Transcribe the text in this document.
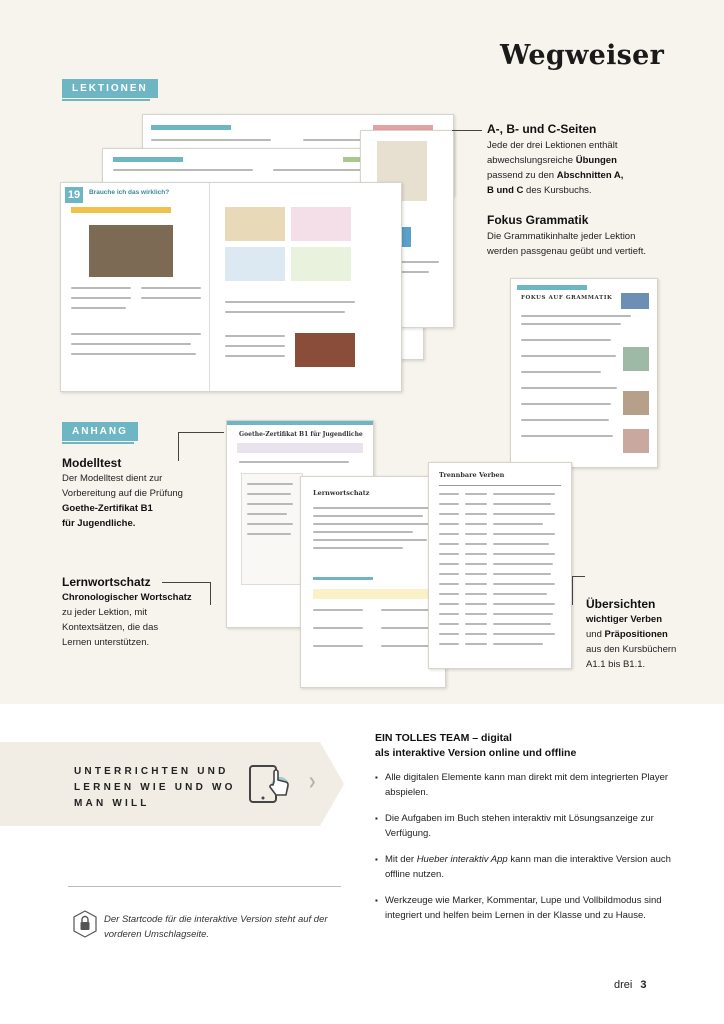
Wegweiser
LEKTIONEN
19	Brauche ich das wirklich?
A-, B- und C-Seiten
Jede der drei Lektionen enthält
abwechslungsreiche Übungen
passend zu den Abschnitten A,
B und C des Kursbuchs.
Fokus Grammatik
Die Grammatikinhalte jeder Lektion
werden passgenau geübt und vertieft.
FOKUS AUF GRAMMATIK
ANHANG
Modelltest
Der Modelltest dient zur
Vorbereitung auf die Prüfung
Goethe-Zertifikat B1
für Jugendliche.
Lernwortschatz
Chronologischer Wortschatz
zu jeder Lektion, mit
Kontextsätzen, die das
Lernen unterstützen.
Goethe-Zertifikat B1 für Jugendliche
Lernwortschatz
Trennbare Verben
Übersichten
wichtiger Verben
und Präpositionen
aus den Kursbüchern
A1.1 bis B1.1.
UNTERRICHTEN UND
LERNEN WIE UND WO
MAN WILL
❯
Der Startcode für die interaktive Version steht auf der vorderen Umschlagseite.
EIN TOLLES TEAM – digital
als interaktive Version online und offline
▪ Alle digitalen Elemente kann man direkt mit dem integrierten Player abspielen.
▪ Die Aufgaben im Buch stehen interaktiv mit Lösungsanzeige zur Verfügung.
▪ Mit der Hueber interaktiv App kann man die interaktive Version auch offline nutzen.
▪ Werkzeuge wie Marker, Kommentar, Lupe und Vollbildmodus sind integriert und helfen beim Lernen in der Klasse und zu Hause.
drei 3
